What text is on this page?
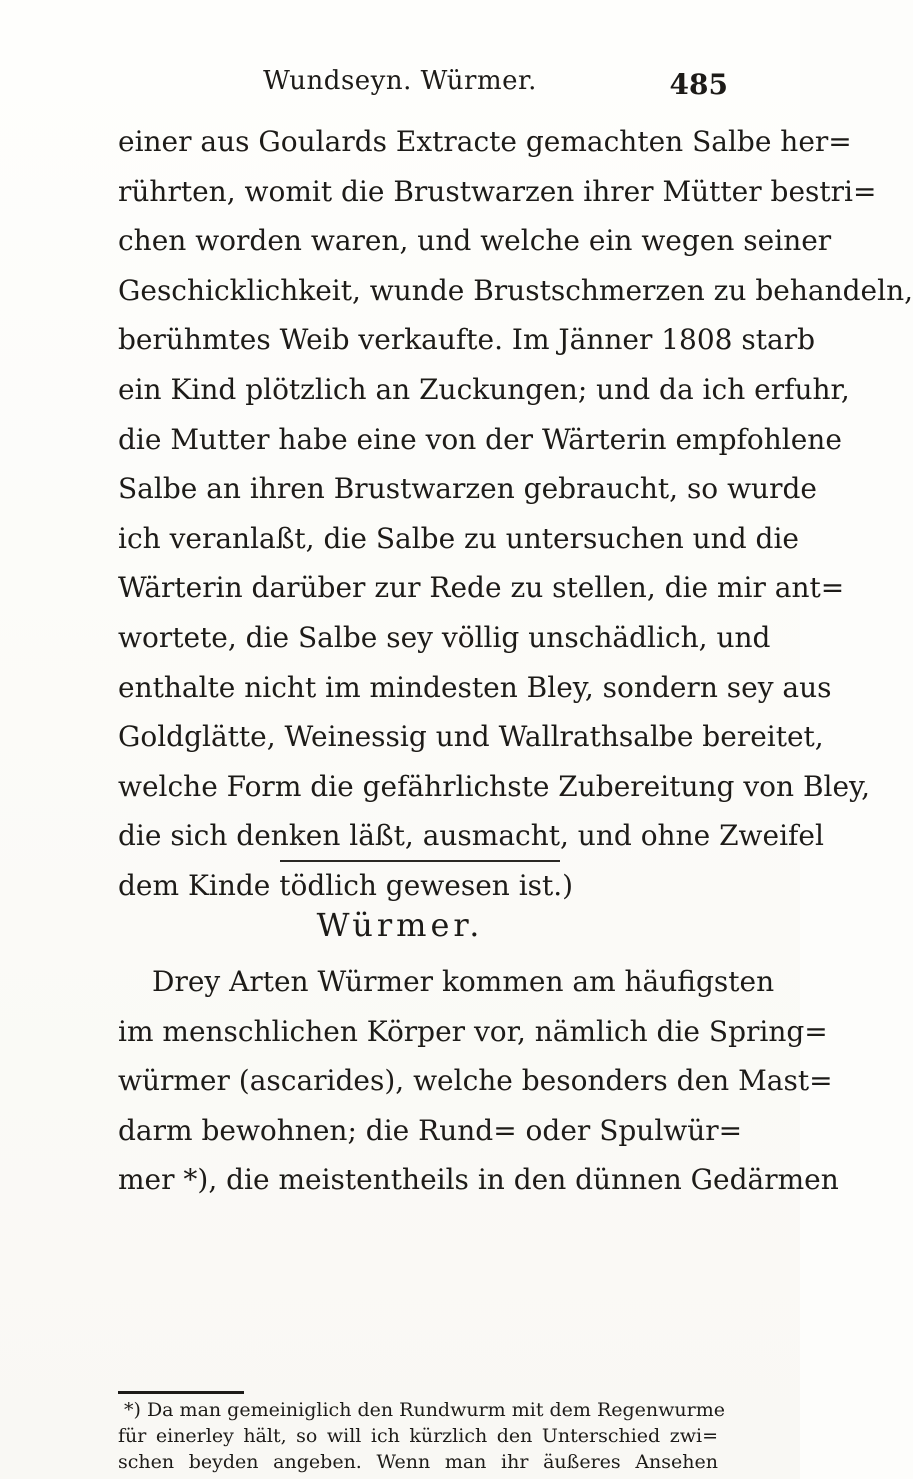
Wundseyn. Würmer.	485
einer aus Goulards Extracte gemachten Salbe her=
rührten, womit die Brustwarzen ihrer Mütter bestri=
chen worden waren, und welche ein wegen seiner
Geschicklichkeit, wunde Brustschmerzen zu behandeln,
berühmtes Weib verkaufte. Im Jänner 1808 starb
ein Kind plötzlich an Zuckungen; und da ich erfuhr,
die Mutter habe eine von der Wärterin empfohlene
Salbe an ihren Brustwarzen gebraucht, so wurde
ich veranlaßt, die Salbe zu untersuchen und die
Wärterin darüber zur Rede zu stellen, die mir ant=
wortete, die Salbe sey völlig unschädlich, und
enthalte nicht im mindesten Bley, sondern sey aus
Goldglätte, Weinessig und Wallrathsalbe bereitet,
welche Form die gefährlichste Zubereitung von Bley,
die sich denken läßt, ausmacht, und ohne Zweifel
dem Kinde tödlich gewesen ist.)
Würmer.
Drey Arten Würmer kommen am häufigsten
im menschlichen Körper vor, nämlich die Spring=
würmer (ascarides), welche besonders den Mast=
darm bewohnen; die Rund= oder Spulwür=
mer *), die meistentheils in den dünnen Gedärmen
*) Da man gemeiniglich den Rundwurm mit dem Regenwurme
für einerley hält, so will ich kürzlich den Unterschied zwi=
schen beyden angeben. Wenn man ihr äußeres Ansehen
